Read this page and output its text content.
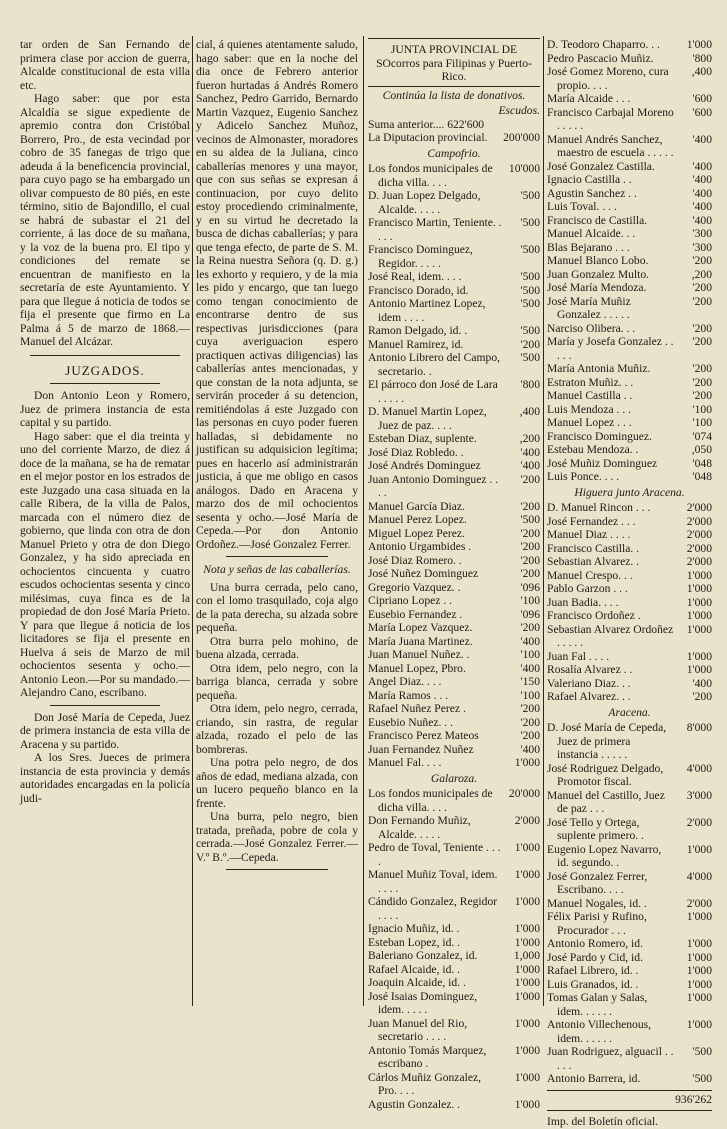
tar orden de San Fernando de primera clase por accion de guerra, Alcalde constitucional de esta villa etc.

Hago saber: que por esta Alcaldía se sigue expediente de apremio contra don Cristóbal Borrero, Pro., de esta vecindad por cobro de 35 fanegas de trigo que adeuda á la beneficencia provincial, para cuyo pago se ha embargado un olivar compuesto de 80 piés, en este término, sitio de Bajondillo, el cual se habrá de subastar el 21 del corriente, á las doce de su mañana, y la voz de la buena pro. El tipo y condiciones del remate se encuentran de manifiesto en la secretaría de este Ayuntamiento. Y para que llegue á noticia de todos se fija el presente que firmo en La Palma á 5 de marzo de 1868.—Manuel del Alcázar.

JUZGADOS.

Don Antonio Leon y Romero, Juez de primera instancia de esta capital y su partido.

Hago saber: que el dia treinta y uno del corriente Marzo, de diez á doce de la mañana, se ha de rematar en el mejor postor en los estrados de este Juzgado una casa situada en la calle Ribera, de la villa de Palos, marcada con el número diez de gobierno, que linda con otra de don Manuel Prieto y otra de don Diego Gonzalez, y ha sido apreciada en ochocientos cincuenta y cuatro escudos ochocientas sesenta y cinco milésimas, cuya finca es de la propiedad de don José María Prieto. Y para que llegue á noticia de los licitadores se fija el presente en Huelva á seis de Marzo de mil ochocientos sesenta y ocho.—Antonio Leon.—Por su mandado.—Alejandro Cano, escribano.

Don José María de Cepeda, Juez de primera instancia de esta villa de Aracena y su partido.

A los Sres. Jueces de primera instancia de esta provincia y demás autoridades encargadas en la policía judi-

cial, á quienes atentamente saludo, hago saber: que en la noche del dia once de Febrero anterior fueron hurtadas á Andrés Romero Sanchez, Pedro Garrido, Bernardo Martin Vazquez, Eugenio Sanchez y Adicelo Sanchez Muñoz, vecinos de Almonaster, moradores en su aldea de la Juliana, cinco caballerías menores y una mayor, que con sus señas se expresan á continuacion, por cuyo delito estoy procediendo criminalmente, y en su virtud he decretado la busca de dichas caballerías; y para que tenga efecto, de parte de S. M. la Reina nuestra Señora (q. D. g.) les exhorto y requiero, y de la mia les pido y encargo, que tan luego como tengan conocimiento de encontrarse dentro de sus respectivas jurisdicciones (para cuya averiguacion espero practiquen activas diligencias) las caballerías antes mencionadas, y que constan de la nota adjunta, se servirán proceder á su detencion, remitiéndolas á este Juzgado con las personas en cuyo poder fueren halladas, si debidamente no justifican su adquisicion legítima; pues en hacerlo así administrarán justicia, á que me obligo en casos análogos. Dado en Aracena y marzo dos de mil ochocientos sesenta y ocho.—José María de Cepeda.—Por don Antonio Ordoñez.—José Gonzalez Ferrer.

Nota y señas de las caballerías.

Una burra cerrada, pelo cano, con el lomo trasquilado, coja algo de la pata derecha, su alzada sobre pequeña.

Otra burra pelo mohino, de buena alzada, cerrada.

Otra idem, pelo negro, con la barriga blanca, cerrada y sobre pequeña.

Otra idem, pelo negro, cerrada, criando, sin rastra, de regular alzada, rozado el pelo de las bombreras.

Una potra pelo negro, de dos años de edad, mediana alzada, con un lucero pequeño blanco en la frente.

Una burra, pelo negro, bien tratada, preñada, pobre de cola y cerrada.—José Gonzalez Ferrer.—V.º B.º.—Cepeda.

JUNTA PROVINCIAL DE SOcorros para Filipinas y Puerto-Rico.

Continúa la lista de donativos.
Escudos.
Suma anterior.... 622'600
La Diputacion provincial.	200'000
Campofrio.
Los fondos municipales de dicha villa. . . .
10'000
D. Juan Lopez Delgado, Alcalde. . . . .
'500
Francisco Martin, Teniente. . . . .
'500
Francisco Dominguez, Regidor. . . . .
'500
José Real, idem. . . .	'500
Francisco Dorado, id.	'500
Antonio Martinez Lopez, idem . . . .
'500
Ramon Delgado, id. .	'500
Manuel Ramirez, id.	'200
Antonio Librero del Campo, secretario. .
'500
El párroco don José de Lara . . . . .
'800
D. Manuel Martin Lopez, Juez de paz. . . .
,400
Esteban Diaz, suplente.	,200
José Diaz Robledo. .	'400
José Andrés Dominguez	'400
Juan Antonio Dominguez . . . .
'200
Manuel García Diaz.	'200
Manuel Perez Lopez.	'500
Miguel Lopez Perez.	'200
Antonio Urgambides .	'200
José Diaz Romero. .	'200
José Nuñez Dominguez	'200
Gregorio Vazquez. .	'096
Cipriano Lopez . .	'100
Eusebio Fernandez .	'096
María Lopez Vazquez.	'200
María Juana Martinez.	'400
Juan Manuel Nuñez. .	'100
Manuel Lopez, Pbro.	'400
Angel Diaz. . . .	'150
María Ramos . . .	'100
Rafael Nuñez Perez .	'200
Eusebio Nuñez. . .	'200
Francisco Perez Mateos	'200
Juan Fernandez Nuñez	'400
Manuel Fal. . . .	1'000
Galaroza.
Los fondos municipales de dicha villa. . . .
20'000
Don Fernando Muñiz, Alcalde. . . . .
2'000
Pedro de Toval, Teniente . . . .
1'000
Manuel Muñiz Toval, idem. . . . .
1'000
Cándido Gonzalez, Regidor . . . .
1'000
Ignacio Muñiz, id. .	1'000
Esteban Lopez, id. .	1'000
Baleriano Gonzalez, id.	1,000
Rafael Alcaide, id. .	1'000
Joaquin Alcaide, id. .	1'000
José Isaias Dominguez, idem. . . . .
1'000
Juan Manuel del Rio, secretario . . . .
1'000
Antonio Tomás Marquez, escribano .
1'000
Cárlos Muñiz Gonzalez, Pro. . . .
1'000
Agustin Gonzalez. .	1'000
D. Teodoro Chaparro. . .	1'000
Pedro Pascacio Muñiz.	'800
José Gomez Moreno, cura propio. . . .
,400
María Alcaide . . .	'600
Francisco Carbajal Moreno . . . . .
'600
Manuel Andrés Sanchez, maestro de escuela . . . . .
'400
José Gonzalez Castilla.	'400
Ignacio Castilla . .	'400
Agustin Sanchez . .	'400
Luis Toval. . . .	'400
Francisco de Castilla.	'400
Manuel Alcaide. . .	'300
Blas Bejarano . . .	'300
Manuel Blanco Lobo.	'200
Juan Gonzalez Multo.	,200
José María Mendoza.	'200
José María Muñiz Gonzalez . . . . .
'200
Narciso Olibera. . .	'200
María y Josefa Gonzalez . . . . .
'200
María Antonia Muñiz.	'200
Estraton Muñiz. . .	'200
Manuel Castilla . .	'200
Luis Mendoza . . .	'100
Manuel Lopez . . .	'100
Francisco Dominguez.	'074
Estebau Mendoza. .	,050
José Muñiz Dominguez	'048
Luis Ponce. . . .	'048
Higuera junto Aracena.
D. Manuel Rincon . . .	2'000
José Fernandez . . .	2'000
Manuel Diaz . . . .	2'000
Francisco Castilla. .	2'000
Sebastian Alvarez. .	2'000
Manuel Crespo. . .	1'000
Pablo Garzon . . .	1'000
Juan Badia. . . .	1'000
Francisco Ordoñez .	1'000
Sebastian Alvarez Ordoñez . . . . .
1'000
Juan Fal . . . .	1'000
Rosalía Alvarez . .	1'000
Valeriano Diaz. . .	'400
Rafael Alvarez. . .	'200
Aracena.
D. José María de Cepeda, Juez de primera instancia . . . . .
8'000
José Rodriguez Delgado, Promotor fiscal.
4'000
Manuel del Castillo, Juez de paz . . .
3'000
José Tello y Ortega, suplente primero. .
2'000
Eugenio Lopez Navarro, id. segundo. .
1'000
José Gonzalez Ferrer, Escribano. . . .
4'000
Manuel Nogales, id. .	2'000
Félix Parisi y Rufino, Procurador . . .
1'000
Antonio Romero, id.	1'000
José Pardo y Cid, id.	1'000
Rafael Librero, id. .	1'000
Luis Granados, id. .	1'000
Tomas Galan y Salas, idem. . . . . .
1'000
Antonio Villechenous, idem. . . . . .
1'000
Juan Rodriguez, alguacil . . . . .
'500
Antonio Barrera, id.	'500
936'262
Imp. del Boletín oficial.
